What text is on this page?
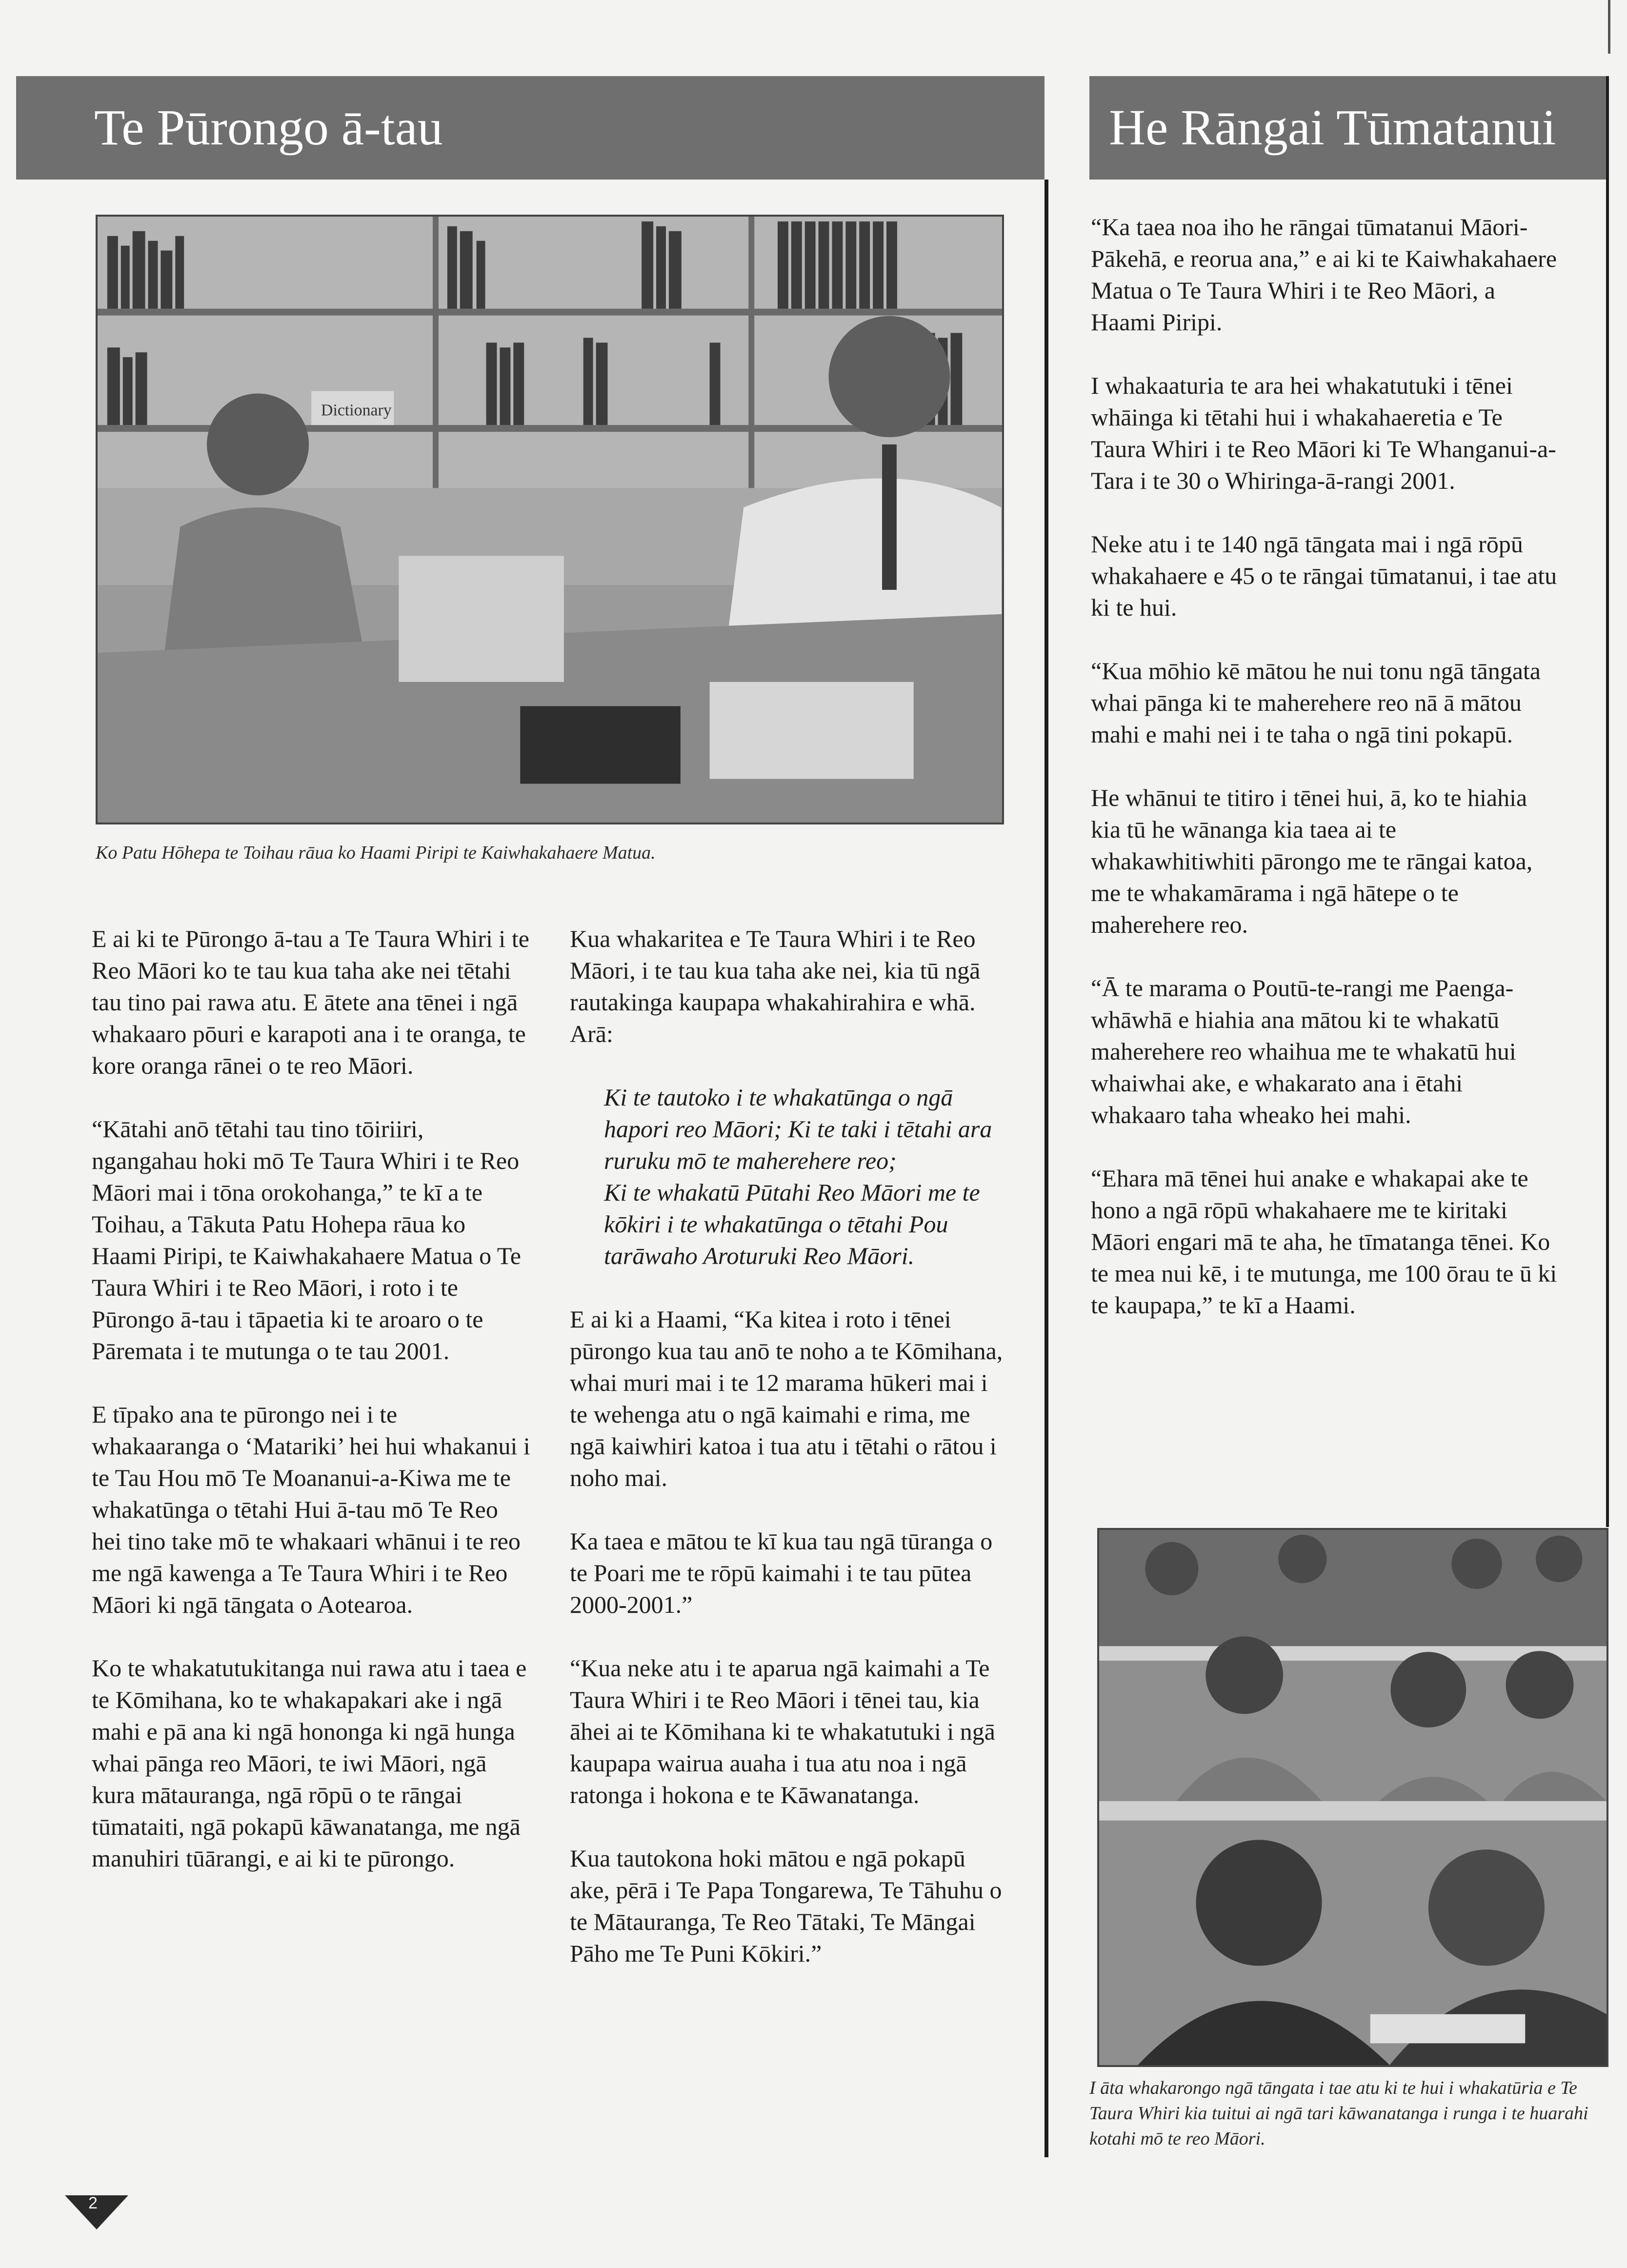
Te Pūrongo ā-tau	He Rāngai Tūmatanui
Dictionary
Ko Patu Hōhepa te Toihau rāua ko Haami Piripi te Kaiwhakahaere Matua.

E ai ki te Pūrongo ā-tau a Te Taura Whiri i te Reo Māori ko te tau kua taha ake nei tētahi tau tino pai rawa atu. E ātete ana tēnei i ngā whakaaro pōuri e karapoti ana i te oranga, te kore oranga rānei o te reo Māori.

“Kātahi anō tētahi tau tino tōiriiri, ngangahau hoki mō Te Taura Whiri i te Reo Māori mai i tōna orokohanga,” te kī a te Toihau, a Tākuta Patu Hohepa rāua ko Haami Piripi, te Kaiwhakahaere Matua o Te Taura Whiri i te Reo Māori, i roto i te Pūrongo ā-tau i tāpaetia ki te aroaro o te Pāremata i te mutunga o te tau 2001.

E tīpako ana te pūrongo nei i te whakaaranga o ‘Matariki’ hei hui whakanui i te Tau Hou mō Te Moananui-a-Kiwa me te whakatūnga o tētahi Hui ā-tau mō Te Reo hei tino take mō te whakaari whānui i te reo me ngā kawenga a Te Taura Whiri i te Reo Māori ki ngā tāngata o Aotearoa.

Ko te whakatutukitanga nui rawa atu i taea e te Kōmihana, ko te whakapakari ake i ngā mahi e pā ana ki ngā hononga ki ngā hunga whai pānga reo Māori, te iwi Māori, ngā kura mātauranga, ngā rōpū o te rāngai tūmataiti, ngā pokapū kāwanatanga, me ngā manuhiri tūārangi, e ai ki te pūrongo.

Kua whakaritea e Te Taura Whiri i te Reo Māori, i te tau kua taha ake nei, kia tū ngā rautakinga kaupapa whakahirahira e whā. Arā:

Ki te tautoko i te whakatūnga o ngā hapori reo Māori; Ki te taki i tētahi ara ruruku mō te maherehere reo;
Ki te whakatū Pūtahi Reo Māori me te kōkiri i te whakatūnga o tētahi Pou tarāwaho Aroturuki Reo Māori.

E ai ki a Haami, “Ka kitea i roto i tēnei pūrongo kua tau anō te noho a te Kōmihana, whai muri mai i te 12 marama hūkeri mai i te wehenga atu o ngā kaimahi e rima, me ngā kaiwhiri katoa i tua atu i tētahi o rātou i noho mai.

Ka taea e mātou te kī kua tau ngā tūranga o te Poari me te rōpū kaimahi i te tau pūtea 2000-2001.”

“Kua neke atu i te aparua ngā kaimahi a Te Taura Whiri i te Reo Māori i tēnei tau, kia āhei ai te Kōmihana ki te whakatutuki i ngā kaupapa wairua auaha i tua atu noa i ngā ratonga i hokona e te Kāwanatanga.

Kua tautokona hoki mātou e ngā pokapū ake, pērā i Te Papa Tongarewa, Te Tāhuhu o te Mātauranga, Te Reo Tātaki, Te Māngai Pāho me Te Puni Kōkiri.”

“Ka taea noa iho he rāngai tūmatanui Māori-Pākehā, e reorua ana,” e ai ki te Kaiwhakahaere Matua o Te Taura Whiri i te Reo Māori, a Haami Piripi.

I whakaaturia te ara hei whakatutuki i tēnei whāinga ki tētahi hui i whakahaeretia e Te Taura Whiri i te Reo Māori ki Te Whanganui-a-Tara i te 30 o Whiringa-ā-rangi 2001.

Neke atu i te 140 ngā tāngata mai i ngā rōpū whakahaere e 45 o te rāngai tūmatanui, i tae atu ki te hui.

“Kua mōhio kē mātou he nui tonu ngā tāngata whai pānga ki te maherehere reo nā ā mātou mahi e mahi nei i te taha o ngā tini pokapū.

He whānui te titiro i tēnei hui, ā, ko te hiahia kia tū he wānanga kia taea ai te whakawhitiwhiti pārongo me te rāngai katoa, me te whakamārama i ngā hātepe o te maherehere reo.

“Ā te marama o Poutū-te-rangi me Paenga-whāwhā e hiahia ana mātou ki te whakatū maherehere reo whaihua me te whakatū hui whaiwhai ake, e whakarato ana i ētahi whakaaro taha wheako hei mahi.

“Ehara mā tēnei hui anake e whakapai ake te hono a ngā rōpū whakahaere me te kiritaki Māori engari mā te aha, he tīmatanga tēnei. Ko te mea nui kē, i te mutunga, me 100 ōrau te ū ki te kaupapa,” te kī a Haami.

I āta whakarongo ngā tāngata i tae atu ki te hui i whakatūria e Te Taura Whiri kia tuitui ai ngā tari kāwanatanga i runga i te huarahi kotahi mō te reo Māori.
2
